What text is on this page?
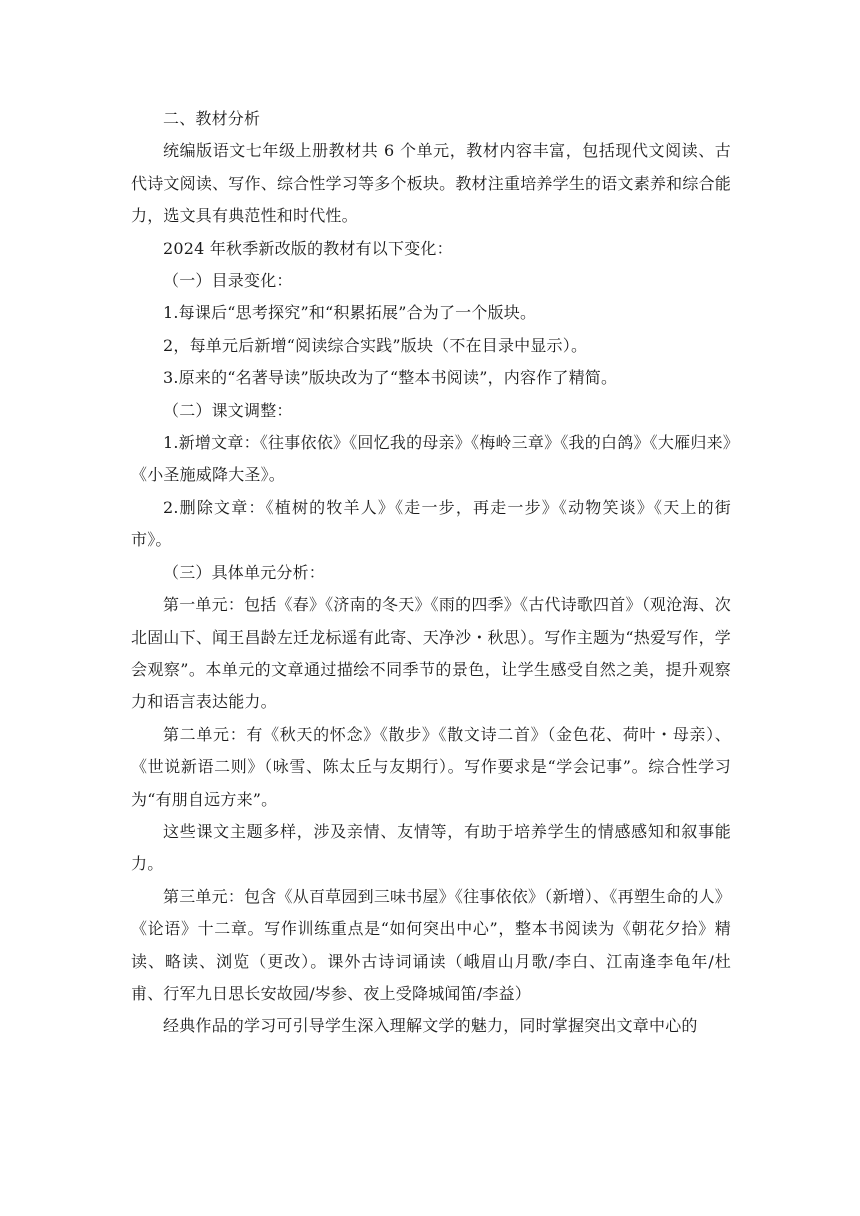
二、教材分析

统编版语文七年级上册教材共 6 个单元，教材内容丰富，包括现代文阅读、古代诗文阅读、写作、综合性学习等多个板块。教材注重培养学生的语文素养和综合能力，选文具有典范性和时代性。

2024 年秋季新改版的教材有以下变化：

（一）目录变化：

1.每课后“思考探究”和“积累拓展”合为了一个版块。

2，每单元后新增“阅读综合实践”版块（不在目录中显示）。

3.原来的“名著导读”版块改为了“整本书阅读”，内容作了精简。

（二）课文调整：

1.新增文章：《往事依依》《回忆我的母亲》《梅岭三章》《我的白鸽》《大雁归来》《小圣施威降大圣》。

2.删除文章：《植树的牧羊人》《走一步，再走一步》《动物笑谈》《天上的街市》。

（三）具体单元分析：

第一单元：包括《春》《济南的冬天》《雨的四季》《古代诗歌四首》（观沧海、次北固山下、闻王昌龄左迁龙标遥有此寄、天净沙・秋思）。写作主题为“热爱写作，学会观察”。本单元的文章通过描绘不同季节的景色，让学生感受自然之美，提升观察力和语言表达能力。

第二单元：有《秋天的怀念》《散步》《散文诗二首》（金色花、荷叶・母亲）、《世说新语二则》（咏雪、陈太丘与友期行）。写作要求是“学会记事”。综合性学习为“有朋自远方来”。

这些课文主题多样，涉及亲情、友情等，有助于培养学生的情感感知和叙事能力。

第三单元：包含《从百草园到三味书屋》《往事依依》（新增）、《再塑生命的人》《论语》十二章。写作训练重点是“如何突出中心”，整本书阅读为《朝花夕拾》精读、略读、浏览（更改）。课外古诗词诵读（峨眉山月歌/李白、江南逢李龟年/杜甫、行军九日思长安故园/岑参、夜上受降城闻笛/李益）

经典作品的学习可引导学生深入理解文学的魅力，同时掌握突出文章中心的
